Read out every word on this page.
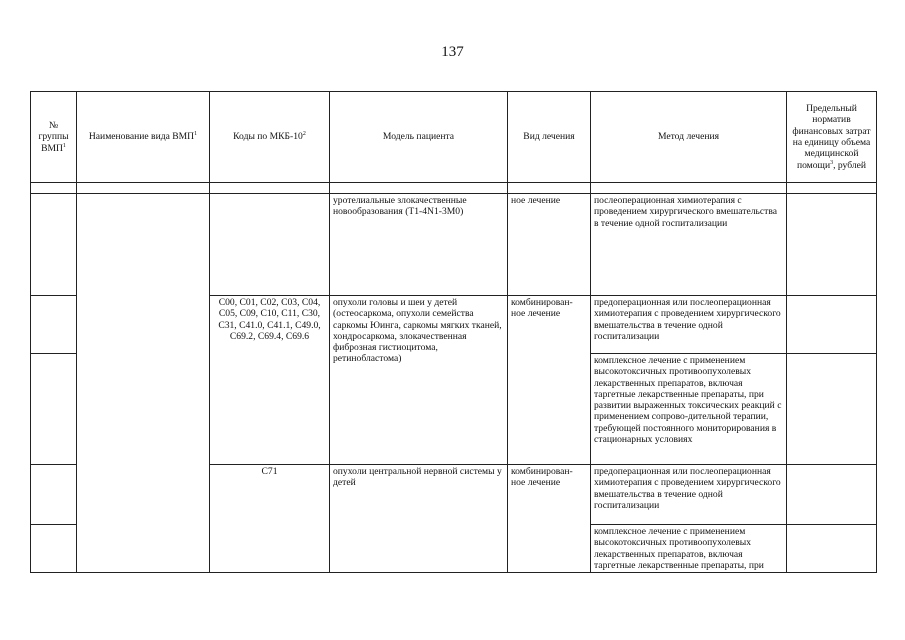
137
№
группы
ВМП$^1$	Наименование вида ВМП$^1$	Коды по МКБ-$10^2$	Модель пациента	Вид лечения	Метод лечения	Предельный норматив финансовых затрат на единицу объема медицинской помощи$^3$, рублей

			уротелиальные злокачественные новообразования (T1-4N1-3M0)	ное лечение	послеоперационная химиотерапия с проведением хирургического вмешательства в течение одной госпитализации	
		C00, C01, C02, C03, C04, C05, C09, C10, C11, C30, C31, C41.0, C41.1, C49.0, C69.2, C69.4, C69.6	опухоли головы и шеи у детей (остеосаркома, опухоли семейства саркомы Юинга, саркомы мягких тканей, хондросаркома, злокачественная фиброзная гистиоцитома, ретинобластома)	комбинирован-ное лечение	предоперационная или послеоперационная химиотерапия с проведением хирургического вмешательства в течение одной госпитализации	
					комплексное лечение с применением высокотоксичных противоопухолевых лекарственных препаратов, включая таргетные лекарственные препараты, при развитии выраженных токсических реакций с применением сопрово-дительной терапии, требующей постоянного мониторирования в стационарных условиях	
		C71	опухоли центральной нервной системы у детей	комбинирован-ное лечение	предоперационная или послеоперационная химиотерапия с проведением хирургического вмешательства в течение одной госпитализации	
					комплексное лечение с применением высокотоксичных противоопухолевых лекарственных препаратов, включая таргетные лекарственные препараты, при	
